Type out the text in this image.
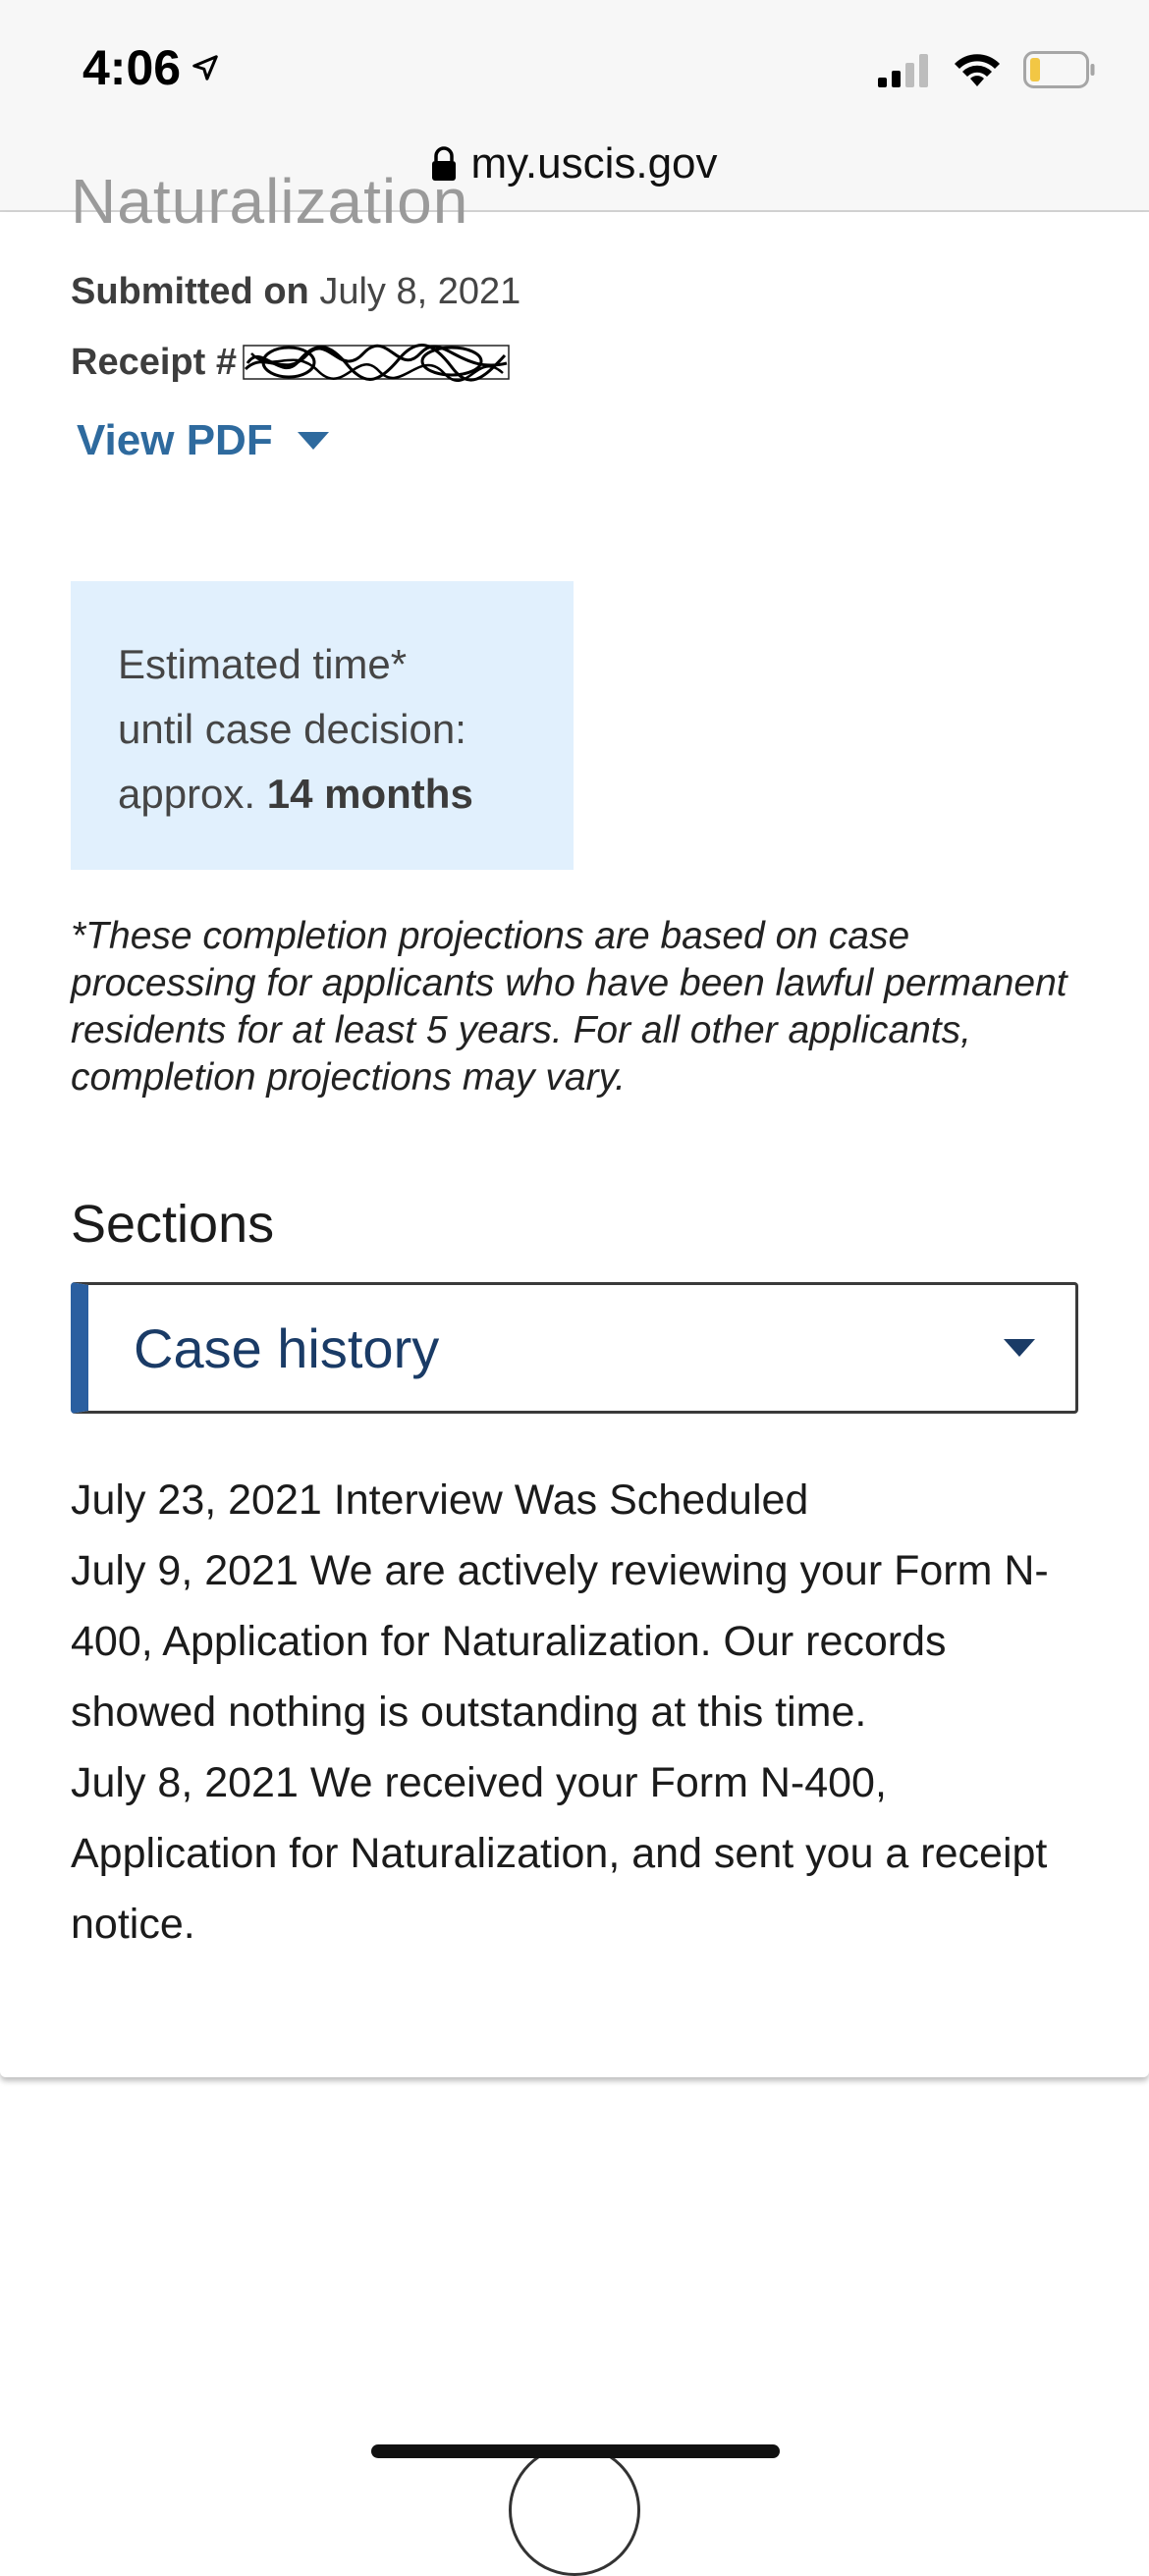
4:06
my.uscis.gov
Naturalization
Submitted on July 8, 2021
Receipt #
View PDF
Estimated time*
until case decision:
approx. 14 months
*These completion projections are based on case processing for applicants who have been lawful permanent residents for at least 5 years. For all other applicants, completion projections may vary.
Sections
Case history
July 23, 2021 Interview Was Scheduled
July 9, 2021 We are actively reviewing your Form N-400, Application for Naturalization. Our records showed nothing is outstanding at this time.
July 8, 2021 We received your Form N-400, Application for Naturalization, and sent you a receipt notice.
